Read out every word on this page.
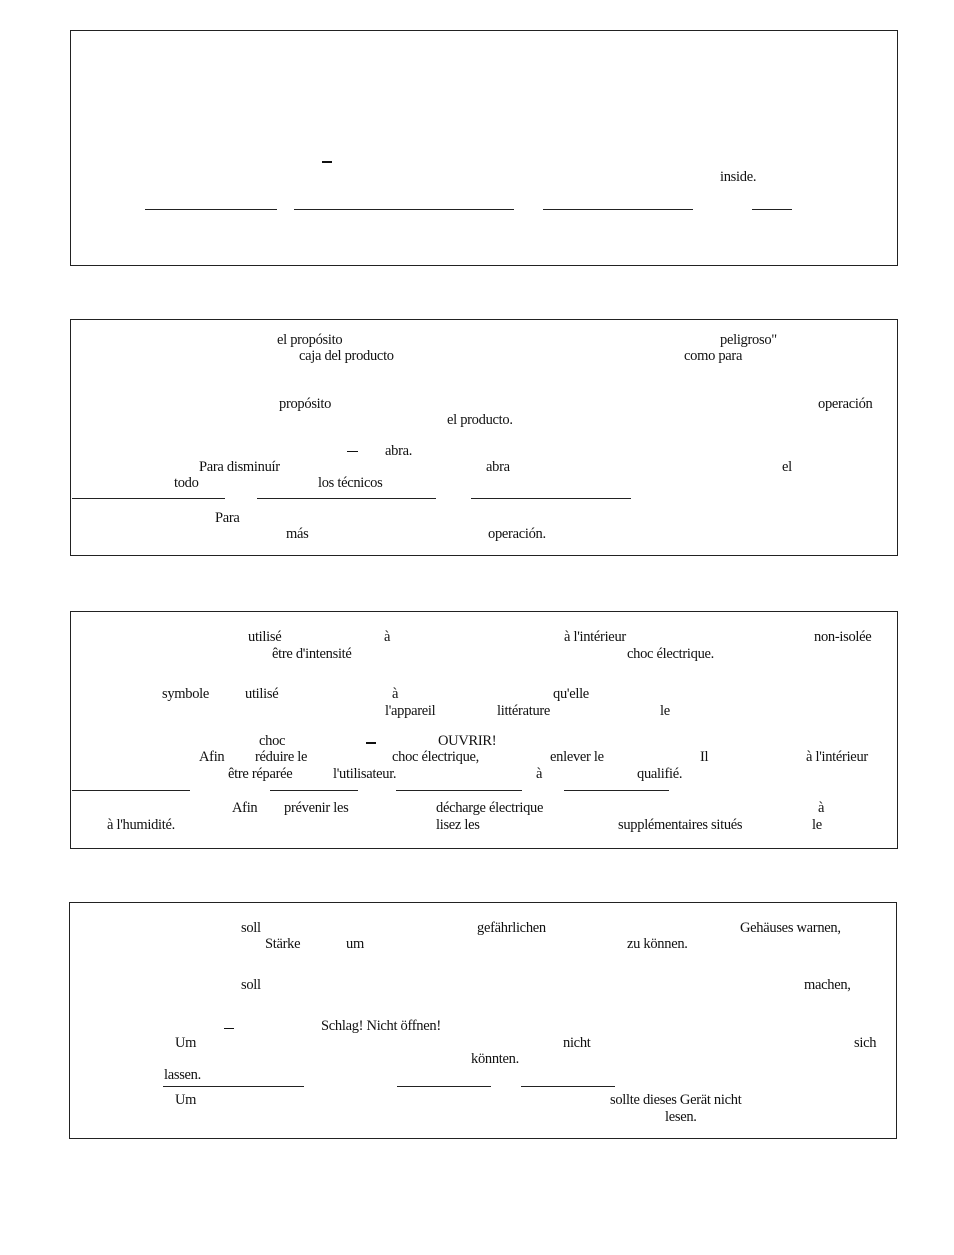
inside.
el propósito	peligroso"
caja del producto	como para
propósito	operación
el producto.
abra.
Para disminuír	abra	el
todo	los técnicos
Para
más	operación.
utilisé	à	à l'intérieur	non-isolée
être d'intensité	choc électrique.
symbole utilisé	à	qu'elle
l'appareil	littérature	le
choc	OUVRIR!
Afin réduire le	choc électrique,	enlever le	Il	à l'intérieur
être réparée	l'utilisateur.	à	qualifié.
Afin prévenir les	décharge électrique	à
à l'humidité.	lisez les	supplémentaires situés	le
soll	gefährlichen	Gehäuses warnen,
Stärke	um	zu können.
soll	machen,
Schlag! Nicht öffnen!
Um	nicht	sich
könnten.
lassen.
Um	sollte dieses Gerät nicht
lesen.
